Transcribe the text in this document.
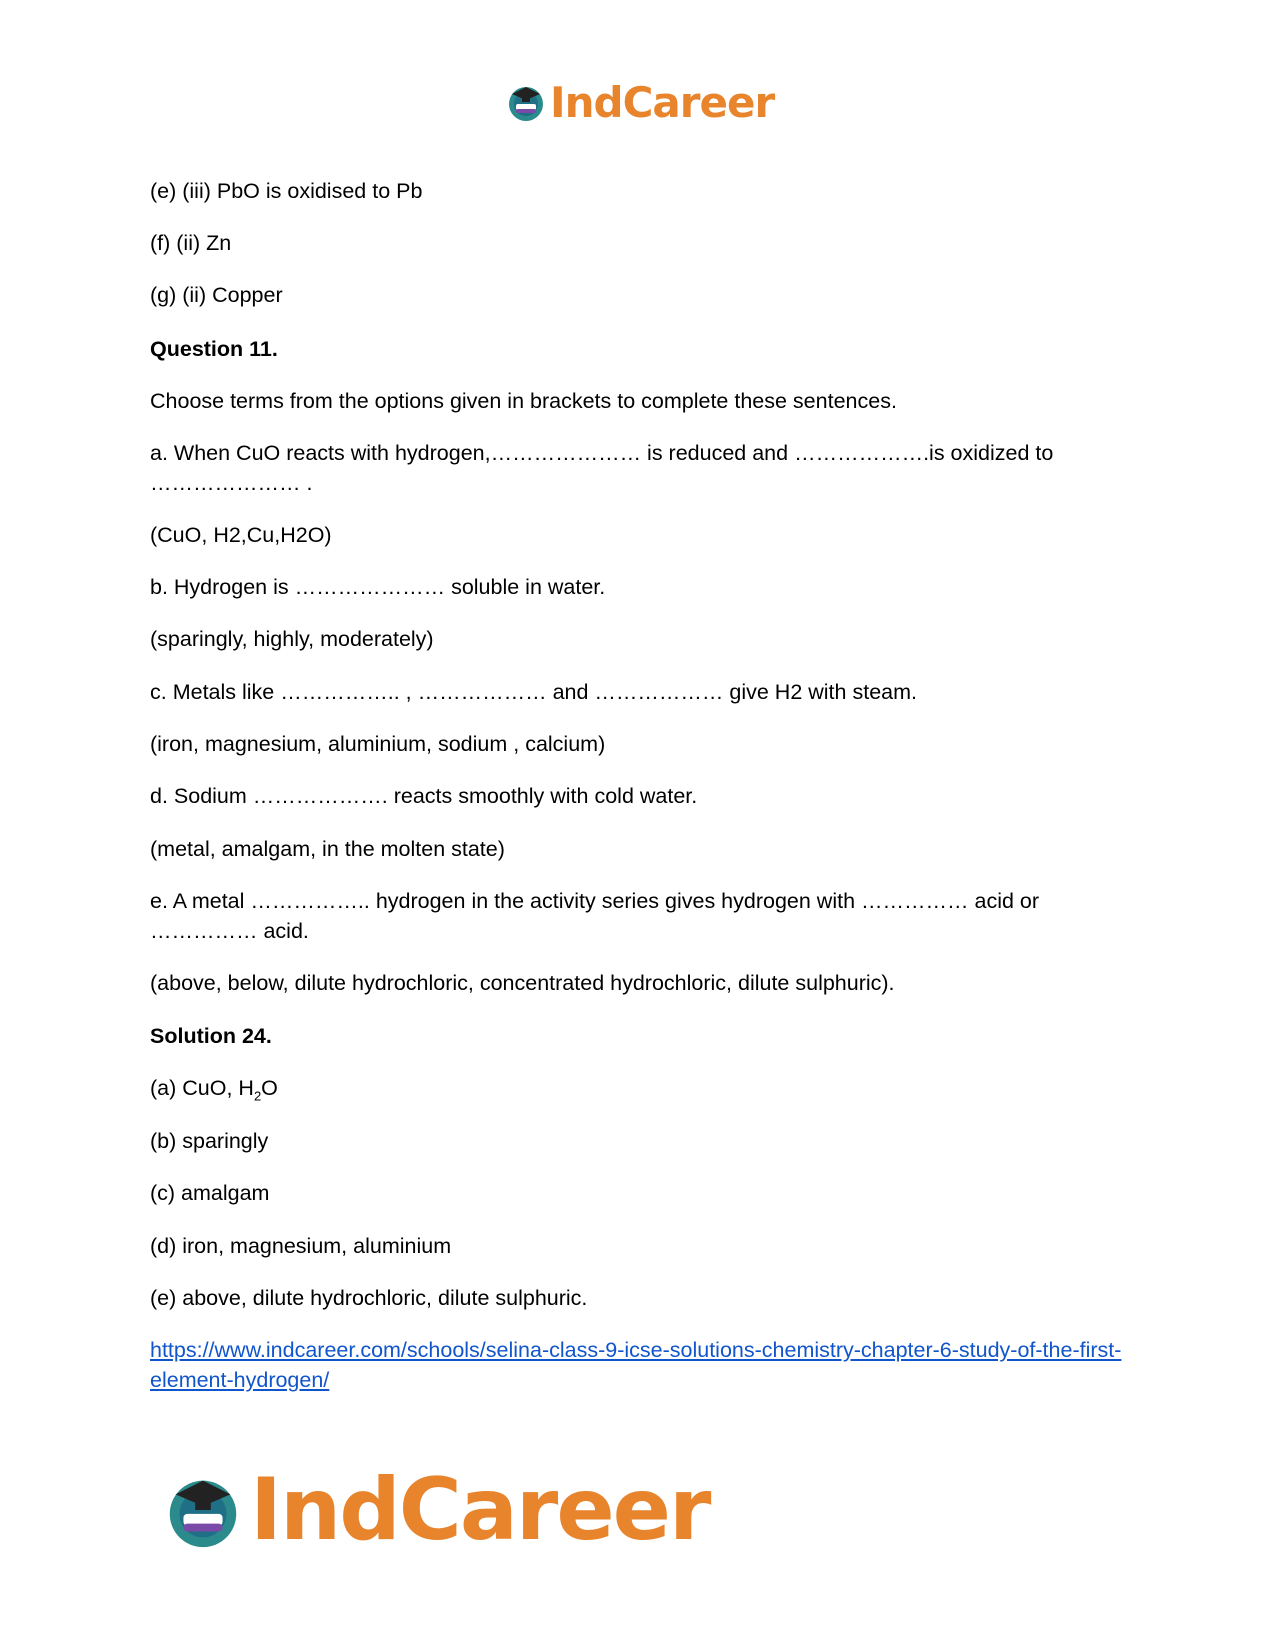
IndCareer

(e) (iii) PbO is oxidised to Pb

(f) (ii) Zn

(g) (ii) Copper

Question 11.

Choose terms from the options given in brackets to complete these sentences.

a. When CuO reacts with hydrogen,………………… is reduced and ……………….is oxidized to ………………… .

(CuO, H2,Cu,H2O)

b. Hydrogen is ………………… soluble in water.

(sparingly, highly, moderately)

c. Metals like …………….. , ……………… and ……………… give H2 with steam.

(iron, magnesium, aluminium, sodium , calcium)

d. Sodium ………………. reacts smoothly with cold water.

(metal, amalgam, in the molten state)

e. A metal …………….. hydrogen in the activity series gives hydrogen with …………… acid or …………… acid.

(above, below, dilute hydrochloric, concentrated hydrochloric, dilute sulphuric).

Solution 24.

(a) CuO, $H_2O$

(b) sparingly

(c) amalgam

(d) iron, magnesium, aluminium

(e) above, dilute hydrochloric, dilute sulphuric.

https://www.indcareer.com/schools/selina-class-9-icse-solutions-chemistry-chapter-6-study-of-the-first-element-hydrogen/

IndCareer
